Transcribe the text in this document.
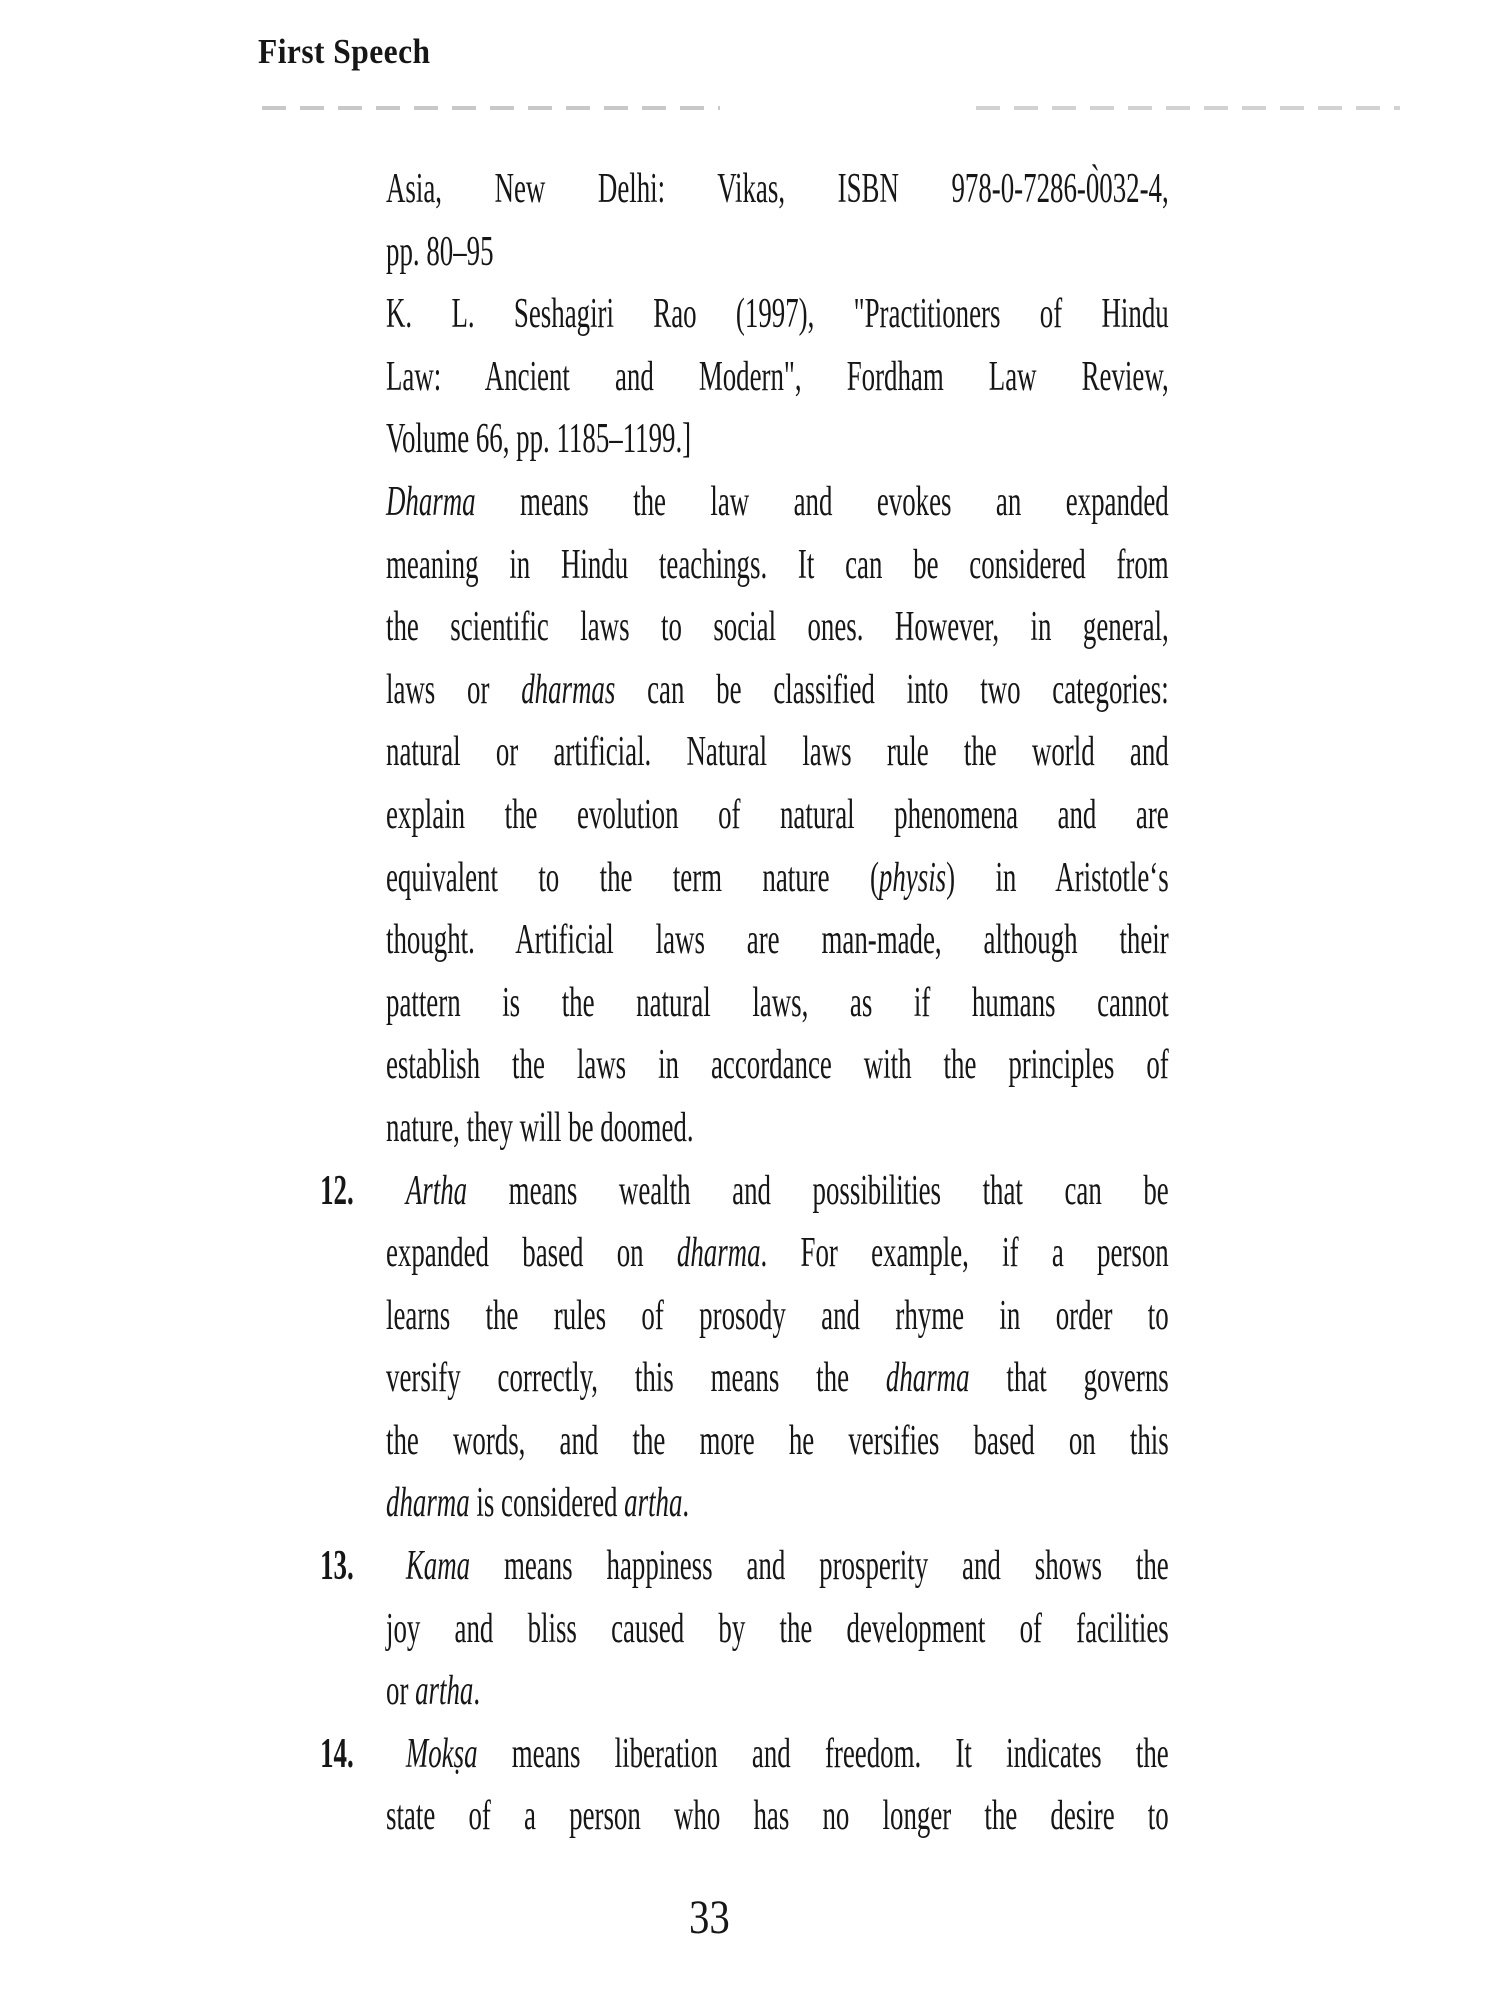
First Speech
Asia, New Delhi: Vikas, ISBN 978-0-7286-0̀032-4,
pp. 80–95
K. L. Seshagiri Rao (1997), "Practitioners of Hindu
Law: Ancient and Modern", Fordham Law Review,
Volume 66, pp. 1185–1199.]
Dharma means the law and evokes an expanded
meaning in Hindu teachings. It can be considered from
the scientific laws to social ones. However, in general,
laws or dharmas can be classified into two categories:
natural or artificial. Natural laws rule the world and
explain the evolution of natural phenomena and are
equivalent to the term nature (physis) in Aristotle‘s
thought. Artificial laws are man-made, although their
pattern is the natural laws, as if humans cannot
establish the laws in accordance with the principles of
nature, they will be doomed.
12.	Artha means wealth and possibilities that can be
expanded based on dharma. For example, if a person
learns the rules of prosody and rhyme in order to
versify correctly, this means the dharma that governs
the words, and the more he versifies based on this
dharma is considered artha.
13.	Kama means happiness and prosperity and shows the
joy and bliss caused by the development of facilities
or artha.
14.	Mokṣa means liberation and freedom. It indicates the
state of a person who has no longer the desire to
33
